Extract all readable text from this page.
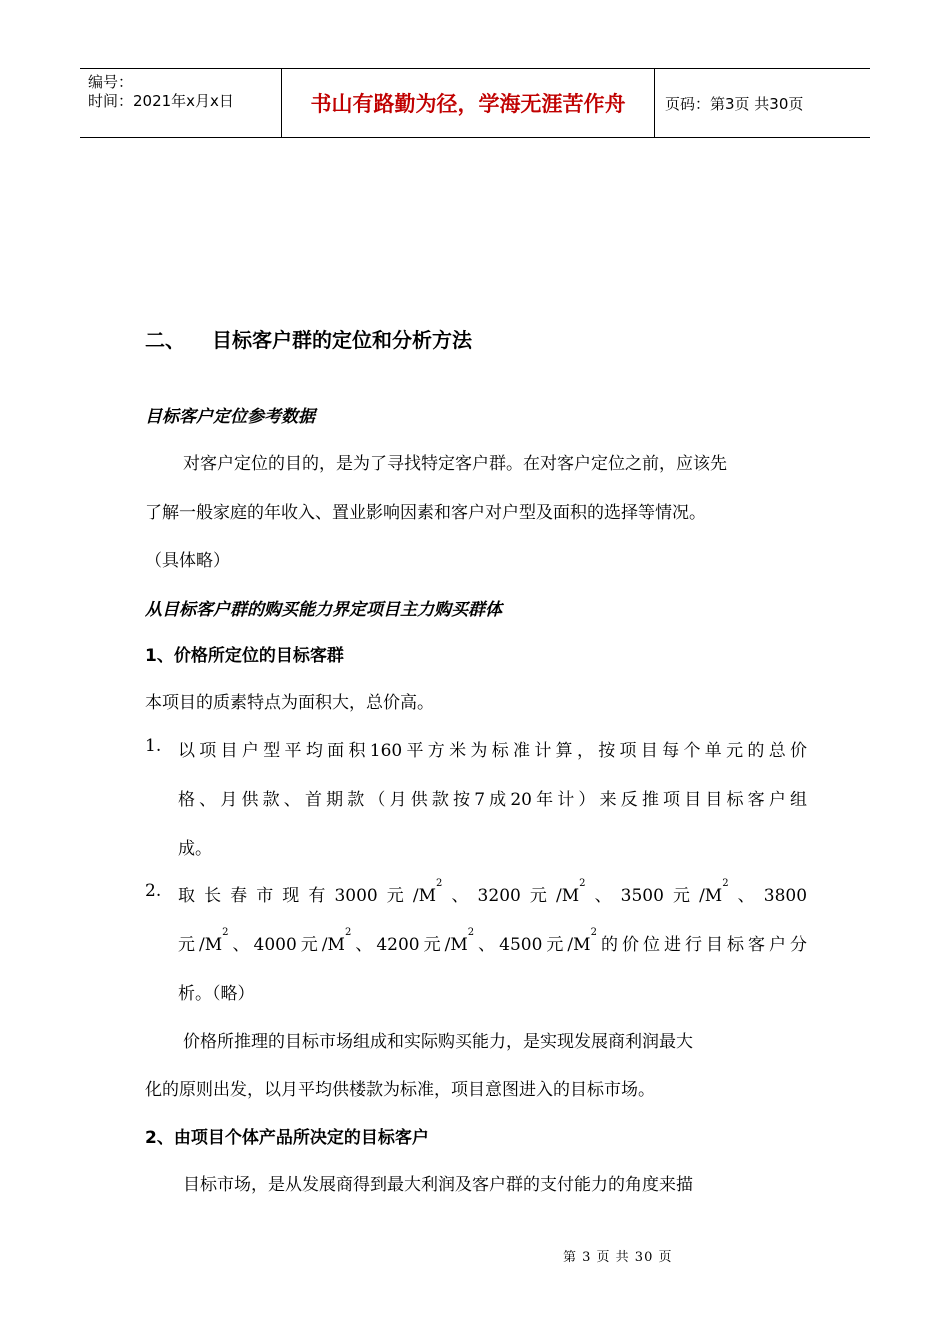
编号：
时间：2021年x月x日	书山有路勤为径，学海无涯苦作舟	页码：第3页 共30页
二、 目标客户群的定位和分析方法
目标客户定位参考数据
对客户定位的目的，是为了寻找特定客户群。在对客户定位之前，应该先
了解一般家庭的年收入、置业影响因素和客户对户型及面积的选择等情况。
（具体略）
从目标客户群的购买能力界定项目主力购买群体
1、价格所定位的目标客群
本项目的质素特点为面积大，总价高。
1. 以项目户型平均面积160平方米为标准计算，按项目每个单元的总价
格、月供款、首期款（月供款按7成20年计）来反推项目目标客户组
成。
2. 取长春市现有3000元$/M^2$、3200元$/M^2$、3500元$/M^2$、3800
元$/M^2$、4000元$/M^2$、4200元$/M^2$、4500元$/M^2$的价位进行目标客户分
析。（略）
价格所推理的目标市场组成和实际购买能力，是实现发展商利润最大
化的原则出发，以月平均供楼款为标准，项目意图进入的目标市场。
2、由项目个体产品所决定的目标客户
目标市场，是从发展商得到最大利润及客户群的支付能力的角度来描
第 3 页 共 30 页
